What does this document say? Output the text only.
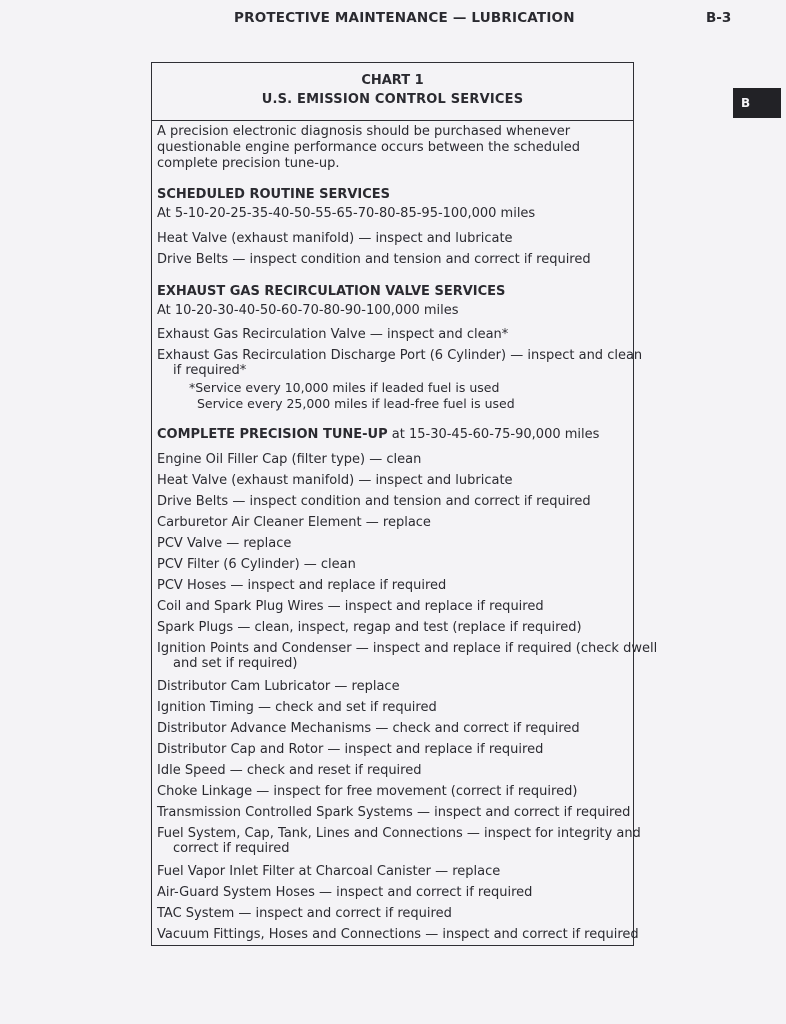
PROTECTIVE MAINTENANCE — LUBRICATION	B-3
B
CHART 1
U.S. EMISSION CONTROL SERVICES
A precision electronic diagnosis should be purchased whenever questionable engine performance occurs between the scheduled complete precision tune-up.
SCHEDULED ROUTINE SERVICES
At 5-10-20-25-35-40-50-55-65-70-80-85-95-100,000 miles
Heat Valve (exhaust manifold) — inspect and lubricate
Drive Belts — inspect condition and tension and correct if required
EXHAUST GAS RECIRCULATION VALVE SERVICES
At 10-20-30-40-50-60-70-80-90-100,000 miles
Exhaust Gas Recirculation Valve — inspect and clean*
Exhaust Gas Recirculation Discharge Port (6 Cylinder) — inspect and clean
if required*
*Service every 10,000 miles if leaded fuel is used
Service every 25,000 miles if lead-free fuel is used
COMPLETE PRECISION TUNE-UP at 15-30-45-60-75-90,000 miles
Engine Oil Filler Cap (filter type) — clean
Heat Valve (exhaust manifold) — inspect and lubricate
Drive Belts — inspect condition and tension and correct if required
Carburetor Air Cleaner Element — replace
PCV Valve — replace
PCV Filter (6 Cylinder) — clean
PCV Hoses — inspect and replace if required
Coil and Spark Plug Wires — inspect and replace if required
Spark Plugs — clean, inspect, regap and test (replace if required)
Ignition Points and Condenser — inspect and replace if required (check dwell
and set if required)
Distributor Cam Lubricator — replace
Ignition Timing — check and set if required
Distributor Advance Mechanisms — check and correct if required
Distributor Cap and Rotor — inspect and replace if required
Idle Speed — check and reset if required
Choke Linkage — inspect for free movement (correct if required)
Transmission Controlled Spark Systems — inspect and correct if required
Fuel System, Cap, Tank, Lines and Connections — inspect for integrity and
correct if required
Fuel Vapor Inlet Filter at Charcoal Canister — replace
Air-Guard System Hoses — inspect and correct if required
TAC System — inspect and correct if required
Vacuum Fittings, Hoses and Connections — inspect and correct if required
